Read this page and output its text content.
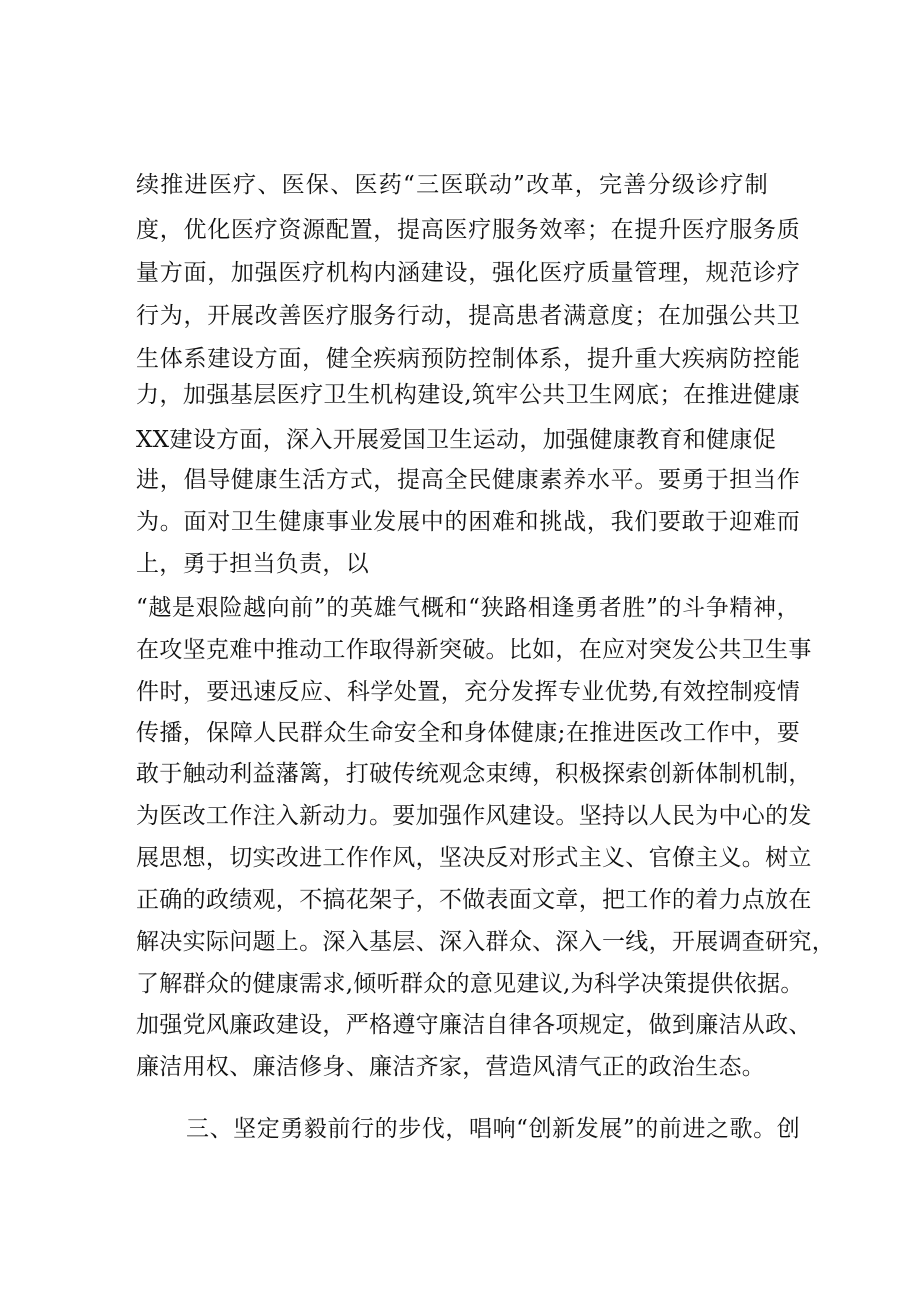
续推进医疗、医保、医药“三医联动”改革，完善分级诊疗制
度，优化医疗资源配置，提高医疗服务效率；在提升医疗服务质
量方面，加强医疗机构内涵建设，强化医疗质量管理，规范诊疗
行为，开展改善医疗服务行动，提高患者满意度；在加强公共卫
生体系建设方面，健全疾病预防控制体系，提升重大疾病防控能
力，加强基层医疗卫生机构建设,筑牢公共卫生网底；在推进健康
XX建设方面，深入开展爱国卫生运动，加强健康教育和健康促
进，倡导健康生活方式，提高全民健康素养水平。要勇于担当作
为。面对卫生健康事业发展中的困难和挑战，我们要敢于迎难而
上，勇于担当负责，以
“越是艰险越向前”的英雄气概和“狭路相逢勇者胜”的斗争精神，
在攻坚克难中推动工作取得新突破。比如，在应对突发公共卫生事
件时，要迅速反应、科学处置，充分发挥专业优势,有效控制疫情
传播，保障人民群众生命安全和身体健康;在推进医改工作中，要
敢于触动利益藩篱，打破传统观念束缚，积极探索创新体制机制，
为医改工作注入新动力。要加强作风建设。坚持以人民为中心的发
展思想，切实改进工作作风，坚决反对形式主义、官僚主义。树立
正确的政绩观，不搞花架子，不做表面文章，把工作的着力点放在
解决实际问题上。深入基层、深入群众、深入一线，开展调查研究，
了解群众的健康需求,倾听群众的意见建议,为科学决策提供依据。
加强党风廉政建设，严格遵守廉洁自律各项规定，做到廉洁从政、
廉洁用权、廉洁修身、廉洁齐家，营造风清气正的政治生态。
三、坚定勇毅前行的步伐，唱响“创新发展”的前进之歌。创
